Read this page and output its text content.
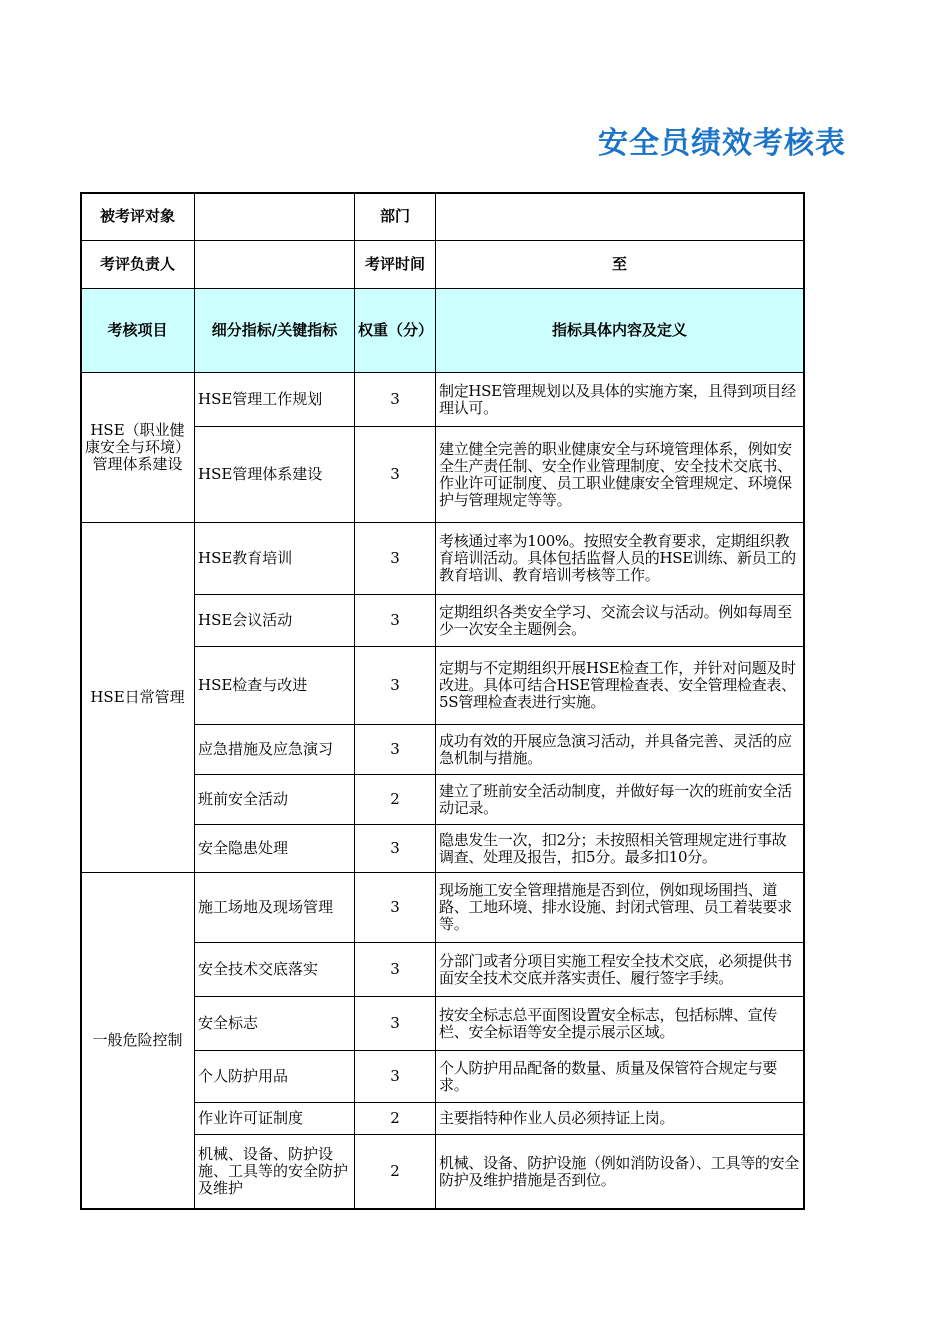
安全员绩效考核表
被考评对象		部门	
考评负责人		考评时间	至
考核项目	细分指标/关键指标	权重（分）	指标具体内容及定义
HSE（职业健康安全与环境）管理体系建设	HSE管理工作规划	3	制定HSE管理规划以及具体的实施方案，且得到项目经理认可。
	HSE管理体系建设	3	建立健全完善的职业健康安全与环境管理体系，例如安全生产责任制、安全作业管理制度、安全技术交底书、作业许可证制度、员工职业健康安全管理规定、环境保护与管理规定等等。
HSE日常管理	HSE教育培训	3	考核通过率为100%。按照安全教育要求，定期组织教育培训活动。具体包括监督人员的HSE训练、新员工的教育培训、教育培训考核等工作。
	HSE会议活动	3	定期组织各类安全学习、交流会议与活动。例如每周至少一次安全主题例会。
	HSE检查与改进	3	定期与不定期组织开展HSE检查工作，并针对问题及时改进。具体可结合HSE管理检查表、安全管理检查表、5S管理检查表进行实施。
	应急措施及应急演习	3	成功有效的开展应急演习活动，并具备完善、灵活的应急机制与措施。
	班前安全活动	2	建立了班前安全活动制度，并做好每一次的班前安全活动记录。
	安全隐患处理	3	隐患发生一次，扣2分；未按照相关管理规定进行事故调查、处理及报告，扣5分。最多扣10分。
一般危险控制	施工场地及现场管理	3	现场施工安全管理措施是否到位，例如现场围挡、道路、工地环境、排水设施、封闭式管理、员工着装要求等。
	安全技术交底落实	3	分部门或者分项目实施工程安全技术交底，必须提供书面安全技术交底并落实责任、履行签字手续。
	安全标志	3	按安全标志总平面图设置安全标志，包括标牌、宣传栏、安全标语等安全提示展示区域。
	个人防护用品	3	个人防护用品配备的数量、质量及保管符合规定与要求。
	作业许可证制度	2	主要指特种作业人员必须持证上岗。
	机械、设备、防护设施、工具等的安全防护及维护	2	机械、设备、防护设施（例如消防设备）、工具等的安全防护及维护措施是否到位。
